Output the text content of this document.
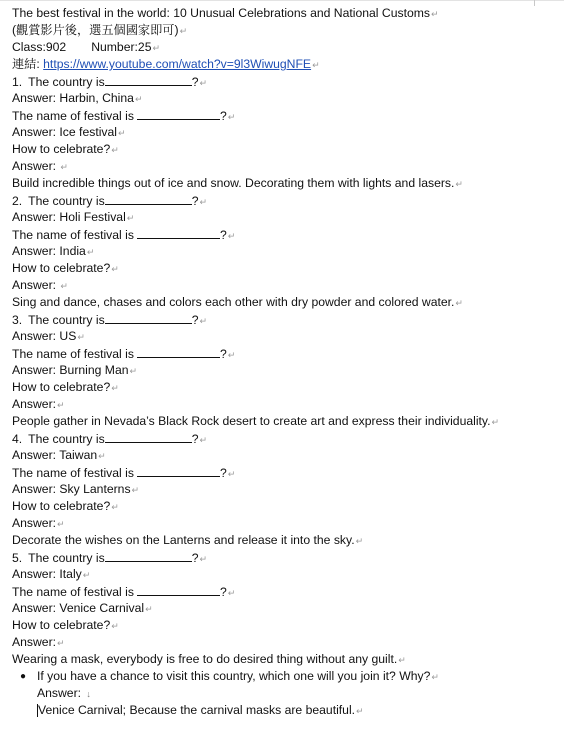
The best festival in the world: 10 Unusual Celebrations and National Customs↵
(觀賞影片後，選五個國家即可)↵
Class:902 Number:25↵
連結: https://www.youtube.com/watch?v=9l3WiwugNFE↵
1. The country is	?↵
Answer: Harbin, China↵
The name of festival is	?↵
Answer: Ice festival↵
How to celebrate?↵
Answer: ↵
Build incredible things out of ice and snow. Decorating them with lights and lasers.↵
2. The country is	?↵
Answer: Holi Festival↵
The name of festival is	?↵
Answer: India↵
How to celebrate?↵
Answer: ↵
Sing and dance, chases and colors each other with dry powder and colored water.↵
3. The country is	?↵
Answer: US↵
The name of festival is	?↵
Answer: Burning Man↵
How to celebrate?↵
Answer:↵
People gather in Nevada’s Black Rock desert to create art and express their individuality.↵
4. The country is	?↵
Answer: Taiwan↵
The name of festival is	?↵
Answer: Sky Lanterns↵
How to celebrate?↵
Answer:↵
Decorate the wishes on the Lanterns and release it into the sky.↵
5. The country is	?↵
Answer: Italy↵
The name of festival is	?↵
Answer: Venice Carnival↵
How to celebrate?↵
Answer:↵
Wearing a mask, everybody is free to do desired thing without any guilt.↵
● If you have a chance to visit this country, which one will you join it? Why?↵
Answer: ↓
Venice Carnival; Because the carnival masks are beautiful.↵
